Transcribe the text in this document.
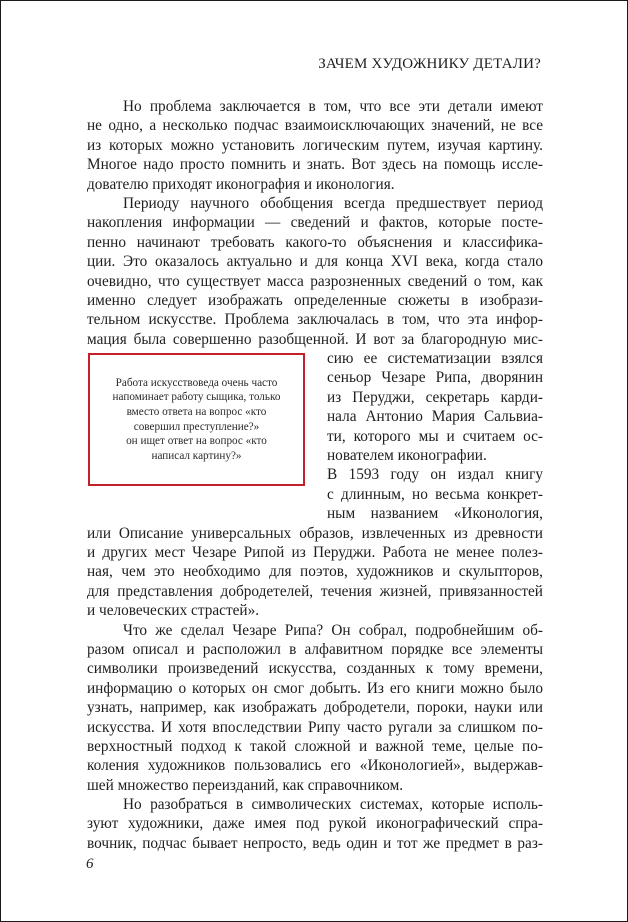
ЗАЧЕМ ХУДОЖНИКУ ДЕТАЛИ?
Но проблема заключается в том, что все эти детали имеют
не одно, а несколько подчас взаимоисключающих значений, не все
из которых можно установить логическим путем, изучая картину.
Многое надо просто помнить и знать. Вот здесь на помощь иссле-
дователю приходят иконография и иконология.
Периоду научного обобщения всегда предшествует период
накопления информации — сведений и фактов, которые посте-
пенно начинают требовать какого-то объяснения и классифика-
ции. Это оказалось актуально и для конца XVI века, когда стало
очевидно, что существует масса разрозненных сведений о том, как
именно следует изображать определенные сюжеты в изобрази-
тельном искусстве. Проблема заключалась в том, что эта инфор-
мация была совершенно разобщенной. И вот за благородную мис-
сию ее систематизации взялся
сеньор Чезаре Рипа, дворянин
из Перуджи, секретарь карди-
нала Антонио Мария Сальвиа-
ти, которого мы и считаем ос-
нователем иконографии.
В 1593 году он издал книгу
с длинным, но весьма конкрет-
ным названием «Иконология,
или Описание универсальных образов, извлеченных из древности
и других мест Чезаре Рипой из Перуджи. Работа не менее полез-
ная, чем это необходимо для поэтов, художников и скульпторов,
для представления добродетелей, течения жизней, привязанностей
и человеческих страстей».
Что же сделал Чезаре Рипа? Он собрал, подробнейшим об-
разом описал и расположил в алфавитном порядке все элементы
символики произведений искусства, созданных к тому времени,
информацию о которых он смог добыть. Из его книги можно было
узнать, например, как изображать добродетели, пороки, науки или
искусства. И хотя впоследствии Рипу часто ругали за слишком по-
верхностный подход к такой сложной и важной теме, целые по-
коления художников пользовались его «Иконологией», выдержав-
шей множество переизданий, как справочником.
Но разобраться в символических системах, которые исполь-
зуют художники, даже имея под рукой иконографический спра-
вочник, подчас бывает непросто, ведь один и тот же предмет в раз-
Работа искусствоведа очень часто
напоминает работу сыщика, только
вместо ответа на вопрос «кто
совершил преступление?»
он ищет ответ на вопрос «кто
написал картину?»
6
